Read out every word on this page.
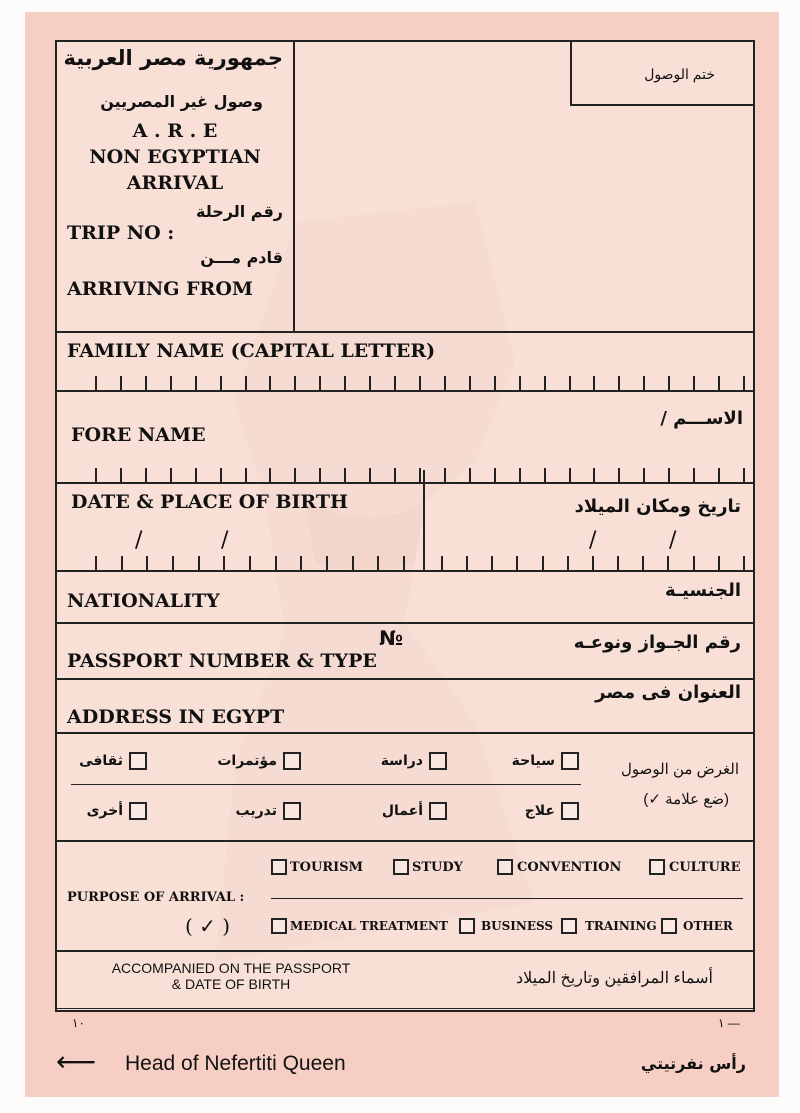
جمهورية مصر العربية
وصول غير المصريين
A . R . E
NON EGYPTIAN
ARRIVAL
رقم الرحلة
TRIP NO :
قادم مـــن
ARRIVING FROM
ختم الوصول
FAMILY NAME (CAPITAL LETTER)
الاســـم /
FORE NAME
DATE & PLACE OF BIRTH	تاريخ ومكان الميلاد
/	/	/	/
NATIONALITY	الجنسيـة
PASSPORT NUMBER & TYPE
№	رقم الجـواز ونوعـه
العنوان فى مصر
ADDRESS IN EGYPT
الغرض من الوصول
(ضع علامة ✓)
سياحة
دراسة
مؤتمرات
ثقافى
علاج
أعمال
تدريب
أخرى
TOURISM	STUDY	CONVENTION	CULTURE
PURPOSE OF ARRIVAL :
( ✓ )	MEDICAL TREATMENT	BUSINESS	TRAINING OTHER
ACCOMPANIED ON THE PASSPORT
& DATE OF BIRTH	أسماء المرافقين وتاريخ الميلاد
١٠	١ —
⟵ Head of Nefertiti Queen	رأس نفرتيتي
